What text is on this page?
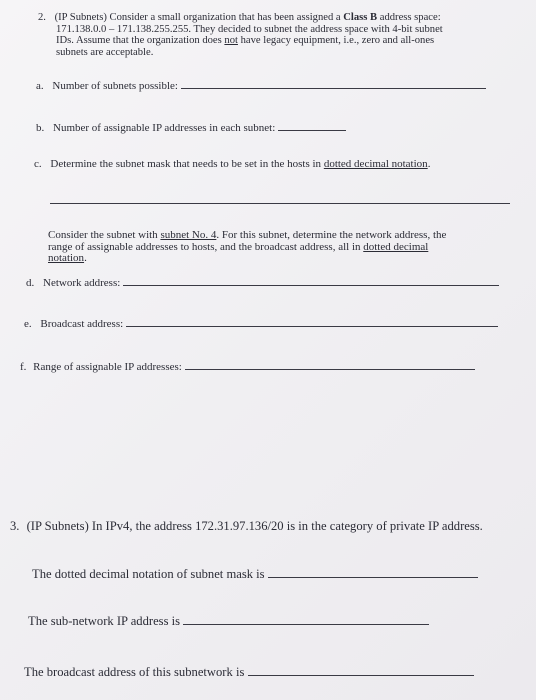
2. (IP Subnets) Consider a small organization that has been assigned a Class B address space:
171.138.0.0 – 171.138.255.255. They decided to subnet the address space with 4-bit subnet
IDs. Assume that the organization does not have legacy equipment, i.e., zero and all-ones
subnets are acceptable.
a. Number of subnets possible:
b. Number of assignable IP addresses in each subnet:
c. Determine the subnet mask that needs to be set in the hosts in dotted decimal notation.
Consider the subnet with subnet No. 4. For this subnet, determine the network address, the
range of assignable addresses to hosts, and the broadcast address, all in dotted decimal
notation.
d. Network address:
e. Broadcast address:
f. Range of assignable IP addresses:
3. (IP Subnets) In IPv4, the address 172.31.97.136/20 is in the category of private IP address.
The dotted decimal notation of subnet mask is
The sub-network IP address is
The broadcast address of this subnetwork is
